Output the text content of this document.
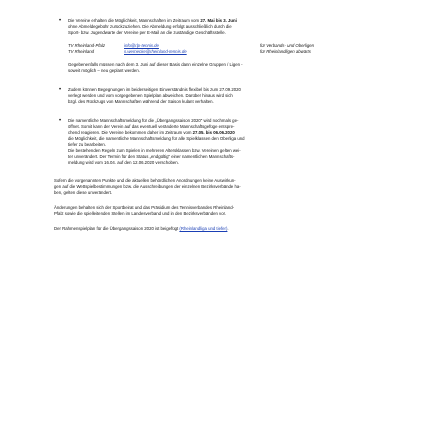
• Die Vereine erhalten die Möglichkeit, Mannschaften im Zeitraum vom 27. Mai bis 3. Juni
ohne Abmeldegebühr zurückzuziehen. Die Abmeldung erfolgt ausschließlich durch die
Sport- bzw. Jugendwarte der Vereine per E-Mail an die zuständige Geschäftsstelle.
TV Rheinland-Pfalz	info@rlp-tennis.de	für Verbands- und Oberligen
TV Rheinland	s.wernecke@rheinland-tennis.de	für Rheinlandligen abwärts
Gegebenenfalls müssen nach dem 3. Juni auf dieser Basis dann einzelne Gruppen / Ligen -
soweit möglich – neu geplant werden.
• Zudem können Begegnungen im beiderseitigen Einverständnis flexibel bis zum 27.09.2020
verlegt werden und vom vorgegebenen Spielplan abweichen. Darüber hinaus wird sich
bzgl. des Rückzugs von Mannschaften während der Saison kulant verhalten.
• Die namentliche Mannschaftsmeldung für die „Übergangssaison 2020" wird nochmals ge-
öffnet. Somit kann der Verein auf das eventuell veränderte Mannschaftsgefüge entspre-
chend reagieren. Die Vereine bekommen daher im Zeitraum vom 27.05. bis 06.06.2020
die Möglichkeit, die namentliche Mannschaftsmeldung für alle Spielklassen den Oberliga und
tiefer zu bearbeiten.
Die bestehenden Regeln zum Spielen in mehreren Altersklassen bzw. Vereinen gelten wei-
ter unverändert. Der Termin für den Status „endgültig" einer namentlichen Mannschafts-
meldung wird vom 16.04. auf den 12.06.2020 verschoben.
Sofern die vorgenannten Punkte und die aktuellen behördlichen Anordnungen keine Auswirkun-
gen auf die Wettspielbestimmungen bzw. die Ausschreibungen der einzelnen Bezirksverbände ha-
ben, gelten diese unverändert.
Änderungen behalten sich der Sportbeirat und das Präsidium des Tennisverbandes Rheinland-
Pfalz sowie die spielleitenden Stellen im Landesverband und in den Bezirksverbänden vor.
Der Rahmenspielplan für die Übergangssaison 2020 ist beigefügt (Rheinlandliga und tiefer).
